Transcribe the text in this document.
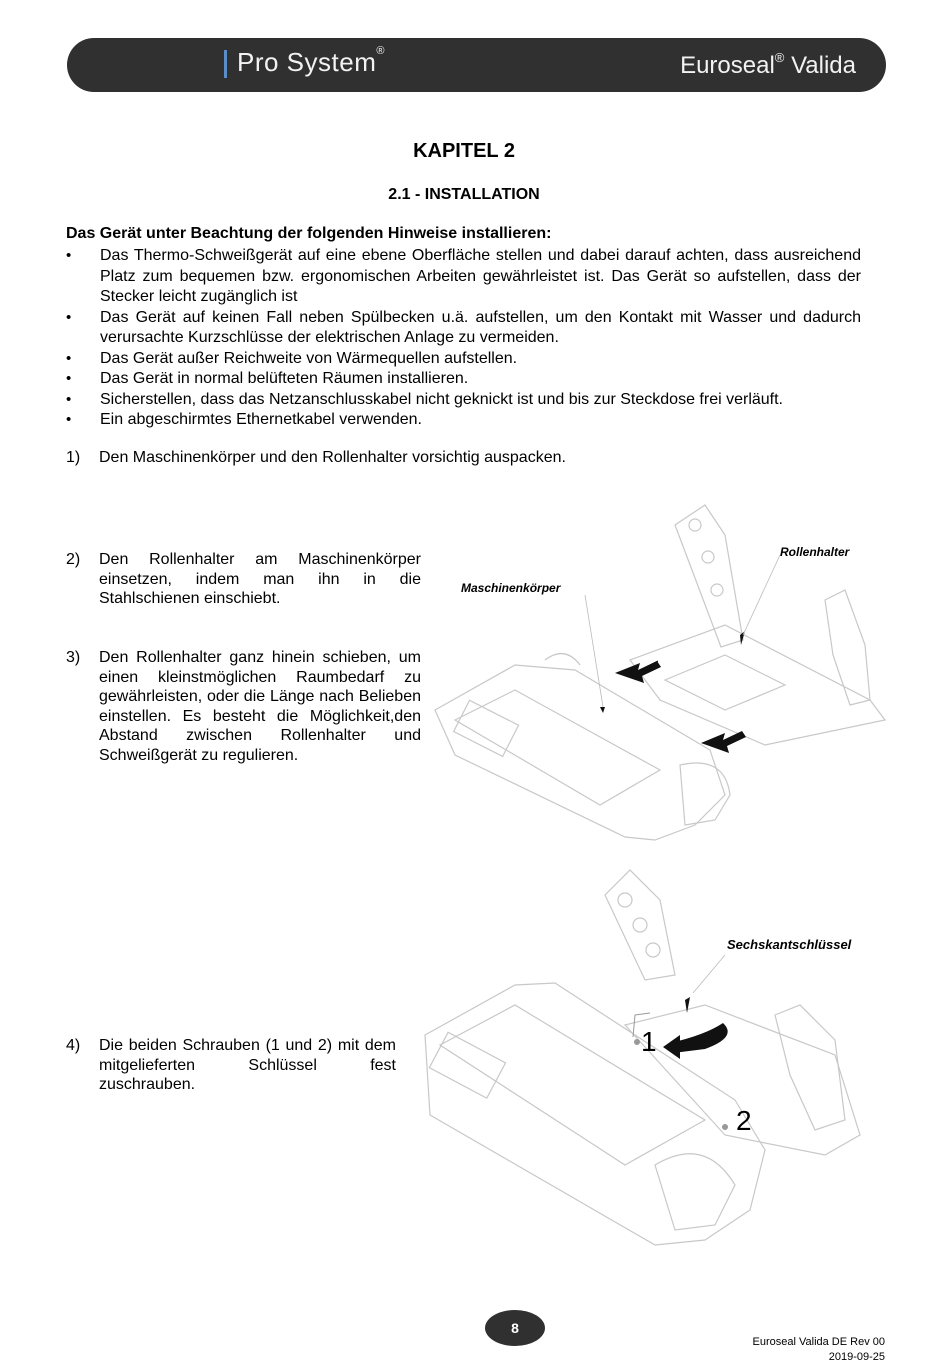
Pro System®
Euroseal® Valida
KAPITEL 2
2.1 - INSTALLATION
Das Gerät unter Beachtung der folgenden Hinweise installieren:
• Das Thermo-Schweißgerät auf eine ebene Oberfläche stellen und dabei darauf achten, dass ausreichend Platz zum bequemen bzw. ergonomischen Arbeiten gewährleistet ist. Das Gerät so aufstellen, dass der Stecker leicht zugänglich ist
• Das Gerät auf keinen Fall neben Spülbecken u.ä. aufstellen, um den Kontakt mit Wasser und dadurch verursachte Kurzschlüsse der elektrischen Anlage zu vermeiden.
• Das Gerät außer Reichweite von Wärmequellen aufstellen.
• Das Gerät in normal belüfteten Räumen installieren.
• Sicherstellen, dass das Netzanschlusskabel nicht geknickt ist und bis zur Steckdose frei verläuft.
• Ein abgeschirmtes Ethernetkabel verwenden.
1) Den Maschinenkörper und den Rollenhalter vorsichtig auspacken.
2) Den Rollenhalter am Maschinenkörper einsetzen, indem man ihn in die Stahlschienen einschiebt.
3) Den Rollenhalter ganz hinein schieben, um einen kleinstmöglichen Raumbedarf zu gewährleisten, oder die Länge nach Belieben einstellen. Es besteht die Möglichkeit,den Abstand zwischen Rollenhalter und Schweißgerät zu regulieren.
Rollenhalter
Maschinenkörper
4) Die beiden Schrauben (1 und 2) mit dem mitgelieferten Schlüssel fest zuschrauben.
Sechskantschlüssel
1
2
8
Euroseal Valida DE Rev 00
2019-09-25
